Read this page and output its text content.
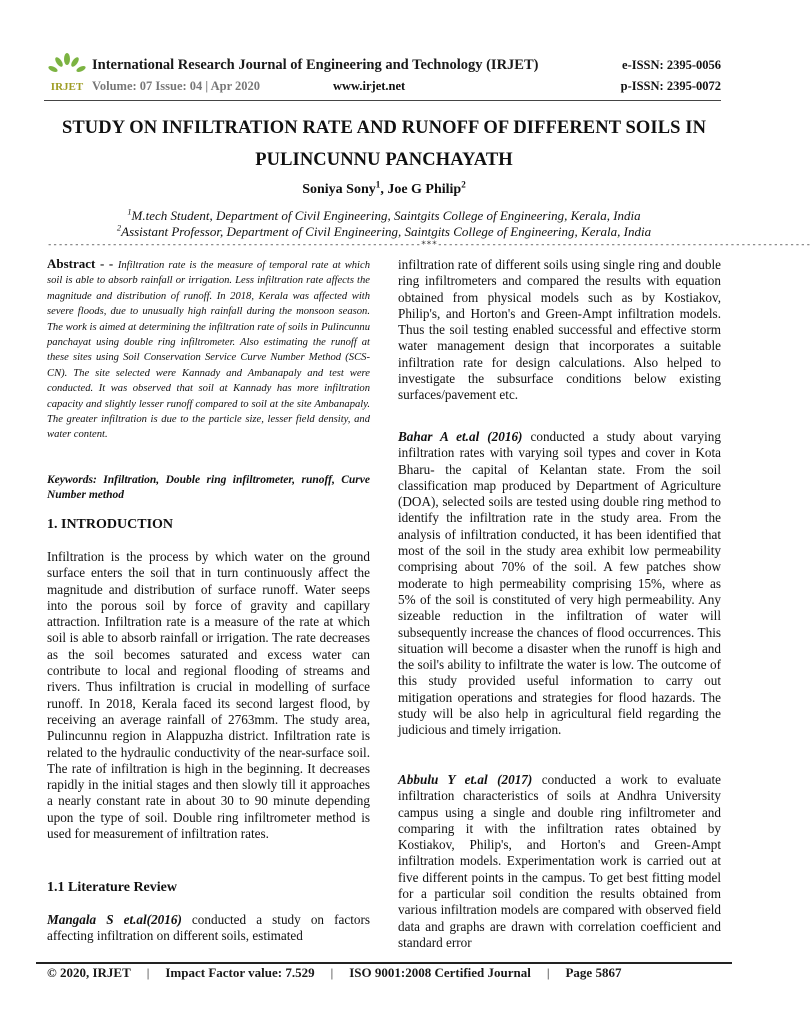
IRJET
International Research Journal of Engineering and Technology (IRJET)
Volume: 07 Issue: 04 | Apr 2020	www.irjet.net
e-ISSN: 2395-0056
p-ISSN: 2395-0072
STUDY ON INFILTRATION RATE AND RUNOFF OF DIFFERENT SOILS IN
PULINCUNNU PANCHAYATH
Soniya Sony$^1$, Joe G Philip$^2$
$^1$M.tech Student, Department of Civil Engineering, Saintgits College of Engineering, Kerala, India
$^2$Assistant Professor, Department of Civil Engineering, Saintgits College of Engineering, Kerala, India
---------------------------------------------------------------------***---------------------------------------------------------------------
Abstract - - Infiltration rate is the measure of temporal rate at which soil is able to absorb rainfall or irrigation. Less infiltration rate affects the magnitude and distribution of runoff. In 2018, Kerala was affected with severe floods, due to unusually high rainfall during the monsoon season. The work is aimed at determining the infiltration rate of soils in Pulincunnu panchayat using double ring infiltrometer. Also estimating the runoff at these sites using Soil Conservation Service Curve Number Method (SCS-CN). The site selected were Kannady and Ambanapaly and test were conducted. It was observed that soil at Kannady has more infiltration capacity and slightly lesser runoff compared to soil at the site Ambanapaly. The greater infiltration is due to the particle size, lesser field density, and water content.
Keywords: Infiltration, Double ring infiltrometer, runoff, Curve Number method
1. INTRODUCTION
Infiltration is the process by which water on the ground surface enters the soil that in turn continuously affect the magnitude and distribution of surface runoff. Water seeps into the porous soil by force of gravity and capillary attraction. Infiltration rate is a measure of the rate at which soil is able to absorb rainfall or irrigation. The rate decreases as the soil becomes saturated and excess water can contribute to local and regional flooding of streams and rivers. Thus infiltration is crucial in modelling of surface runoff. In 2018, Kerala faced its second largest flood, by receiving an average rainfall of 2763mm. The study area, Pulincunnu region in Alappuzha district. Infiltration rate is related to the hydraulic conductivity of the near-surface soil. The rate of infiltration is high in the beginning. It decreases rapidly in the initial stages and then slowly till it approaches a nearly constant rate in about 30 to 90 minute depending upon the type of soil. Double ring infiltrometer method is used for measurement of infiltration rates.
1.1 Literature Review
Mangala S et.al(2016) conducted a study on factors affecting infiltration on different soils, estimated
infiltration rate of different soils using single ring and double ring infiltrometers and compared the results with equation obtained from physical models such as by Kostiakov, Philip's, and Horton's and Green-Ampt infiltration models. Thus the soil testing enabled successful and effective storm water management design that incorporates a suitable infiltration rate for design calculations. Also helped to investigate the subsurface conditions below existing surfaces/pavement etc.
Bahar A et.al (2016) conducted a study about varying infiltration rates with varying soil types and cover in Kota Bharu- the capital of Kelantan state. From the soil classification map produced by Department of Agriculture (DOA), selected soils are tested using double ring method to identify the infiltration rate in the study area. From the analysis of infiltration conducted, it has been identified that most of the soil in the study area exhibit low permeability comprising about 70% of the soil. A few patches show moderate to high permeability comprising 15%, where as 5% of the soil is constituted of very high permeability. Any sizeable reduction in the infiltration of water will subsequently increase the chances of flood occurrences. This situation will become a disaster when the runoff is high and the soil's ability to infiltrate the water is low. The outcome of this study provided useful information to carry out mitigation operations and strategies for flood hazards. The study will be also help in agricultural field regarding the judicious and timely irrigation.
Abbulu Y et.al (2017) conducted a work to evaluate infiltration characteristics of soils at Andhra University campus using a single and double ring infiltrometer and comparing it with the infiltration rates obtained by Kostiakov, Philip's, and Horton's and Green-Ampt infiltration models. Experimentation work is carried out at five different points in the campus. To get best fitting model for a particular soil condition the results obtained from various infiltration models are compared with observed field data and graphs are drawn with correlation coefficient and standard error
© 2020, IRJET | Impact Factor value: 7.529 | ISO 9001:2008 Certified Journal | Page 5867
